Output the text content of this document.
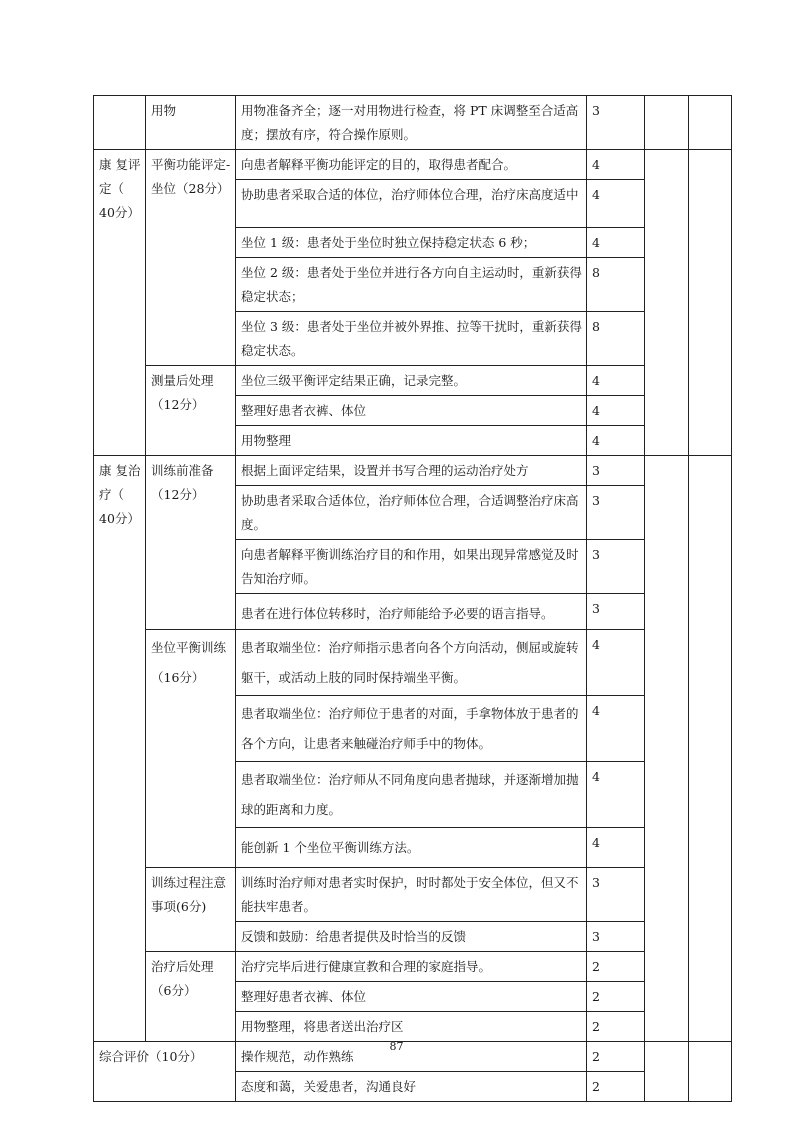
	用物	用物准备齐全；逐一对用物进行检查，将 PT 床调整至合适高度；摆放有序，符合操作原则。	3		
康 复评定（ 40分）	平衡功能评定-坐位（28分）	向患者解释平衡功能评定的目的，取得患者配合。	4		
		协助患者采取合适的体位，治疗师体位合理，治疗床高度适中	4		
		坐位 1 级：患者处于坐位时独立保持稳定状态 6 秒；	4		
		坐位 2 级：患者处于坐位并进行各方向自主运动时，重新获得稳定状态；	8		
		坐位 3 级：患者处于坐位并被外界推、拉等干扰时，重新获得稳定状态。	8		
	测量后处理（12分）	坐位三级平衡评定结果正确，记录完整。	4		
		整理好患者衣裤、体位	4		
		用物整理	4		
康 复治疗（ 40分）	训练前准备（12分）	根据上面评定结果，设置并书写合理的运动治疗处方	3		
		协助患者采取合适体位，治疗师体位合理，合适调整治疗床高度。	3		
		向患者解释平衡训练治疗目的和作用，如果出现异常感觉及时告知治疗师。	3		
		患者在进行体位转移时，治疗师能给予必要的语言指导。	3		
	坐位平衡训练（16分）	患者取端坐位：治疗师指示患者向各个方向活动，侧屈或旋转躯干，或活动上肢的同时保持端坐平衡。	4		
		患者取端坐位：治疗师位于患者的对面，手拿物体放于患者的各个方向，让患者来触碰治疗师手中的物体。	4		
		患者取端坐位：治疗师从不同角度向患者抛球，并逐渐增加抛球的距离和力度。	4		
		能创新 1 个坐位平衡训练方法。	4		
	训练过程注意事项(6分)	训练时治疗师对患者实时保护，时时都处于安全体位，但又不能扶牢患者。	3		
		反馈和鼓励：给患者提供及时恰当的反馈	3		
	治疗后处理（6分）	治疗完毕后进行健康宣教和合理的家庭指导。	2		
		整理好患者衣裤、体位	2		
		用物整理，将患者送出治疗区	2		
综合评价（10分）		操作规范，动作熟练	2		
		态度和蔼，关爱患者，沟通良好	2		
87
